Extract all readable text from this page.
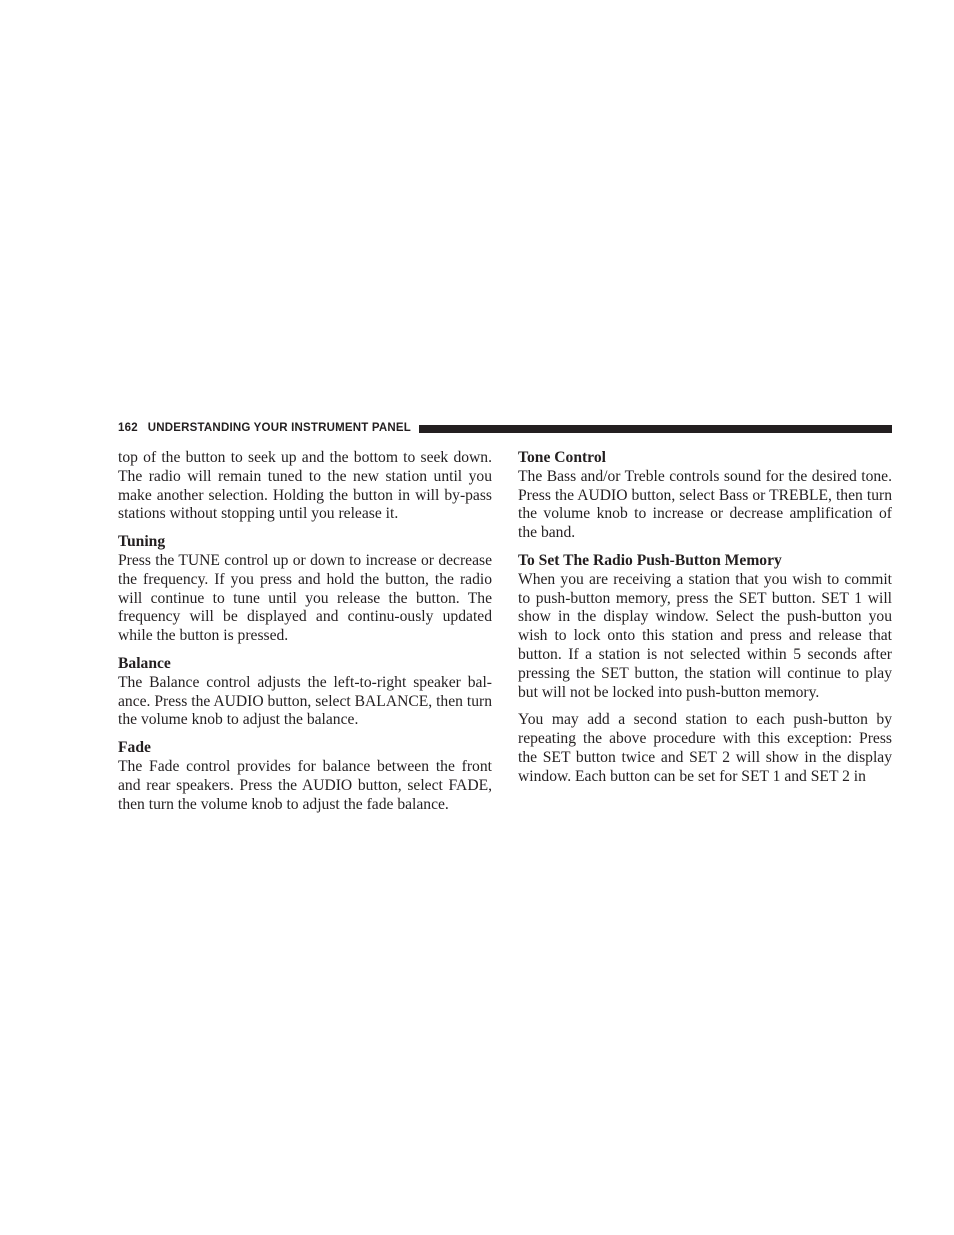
162 UNDERSTANDING YOUR INSTRUMENT PANEL

top of the button to seek up and the bottom to seek down. The radio will remain tuned to the new station until you make another selection. Holding the button in will by-pass stations without stopping until you release it.

Tuning

Press the TUNE control up or down to increase or decrease the frequency. If you press and hold the button, the radio will continue to tune until you release the button. The frequency will be displayed and continu-ously updated while the button is pressed.

Balance

The Balance control adjusts the left-to-right speaker bal-ance. Press the AUDIO button, select BALANCE, then turn the volume knob to adjust the balance.

Fade

The Fade control provides for balance between the front and rear speakers. Press the AUDIO button, select FADE, then turn the volume knob to adjust the fade balance.

Tone Control

The Bass and/or Treble controls sound for the desired tone. Press the AUDIO button, select Bass or TREBLE, then turn the volume knob to increase or decrease amplification of the band.

To Set The Radio Push-Button Memory

When you are receiving a station that you wish to commit to push-button memory, press the SET button. SET 1 will show in the display window. Select the push-button you wish to lock onto this station and press and release that button. If a station is not selected within 5 seconds after pressing the SET button, the station will continue to play but will not be locked into push-button memory.

You may add a second station to each push-button by repeating the above procedure with this exception: Press the SET button twice and SET 2 will show in the display window. Each button can be set for SET 1 and SET 2 in
